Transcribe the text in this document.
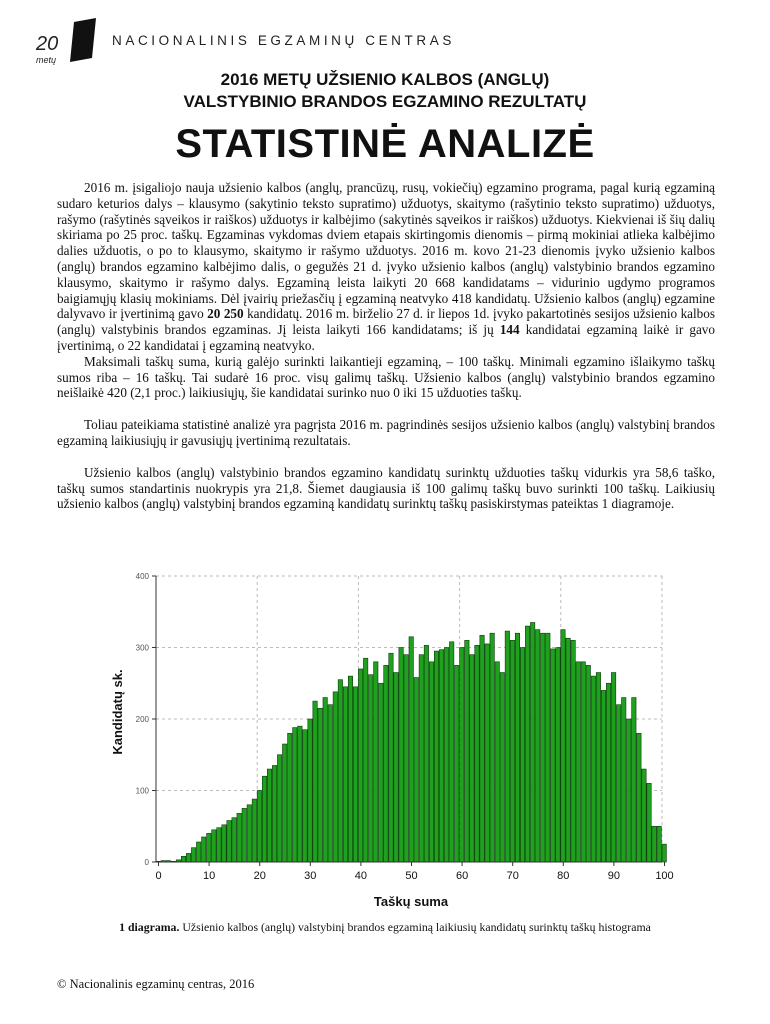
20
metų
NACIONALINIS EGZAMINŲ CENTRAS
2016 METŲ UŽSIENIO KALBOS (ANGLŲ)
VALSTYBINIO BRANDOS EGZAMINO REZULTATŲ
STATISTINĖ ANALIZĖ

2016 m. įsigaliojo nauja užsienio kalbos (anglų, prancūzų, rusų, vokiečių) egzamino programa, pagal kurią egzaminą sudaro keturios dalys – klausymo (sakytinio teksto supratimo) užduotys, skaitymo (rašytinio teksto supratimo) užduotys, rašymo (rašytinės sąveikos ir raiškos) užduotys ir kalbėjimo (sakytinės sąveikos ir raiškos) užduotys. Kiekvienai iš šių dalių skiriama po 25 proc. taškų. Egzaminas vykdomas dviem etapais skirtingomis dienomis – pirmą mokiniai atlieka kalbėjimo dalies užduotis, o po to klausymo, skaitymo ir rašymo užduotys. 2016 m. kovo 21-23 dienomis įvyko užsienio kalbos (anglų) brandos egzamino kalbėjimo dalis, o gegužės 21 d. įvyko užsienio kalbos (anglų) valstybinio brandos egzamino klausymo, skaitymo ir rašymo dalys. Egzaminą leista laikyti 20 668 kandidatams – vidurinio ugdymo programos baigiamųjų klasių mokiniams. Dėl įvairių priežasčių į egzaminą neatvyko 418 kandidatų. Užsienio kalbos (anglų) egzamine dalyvavo ir įvertinimą gavo 20 250 kandidatų. 2016 m. birželio 27 d. ir liepos 1d. įvyko pakartotinės sesijos užsienio kalbos (anglų) valstybinis brandos egzaminas. Jį leista laikyti 166 kandidatams; iš jų 144 kandidatai egzaminą laikė ir gavo įvertinimą, o 22 kandidatai į egzaminą neatvyko.

Maksimali taškų suma, kurią galėjo surinkti laikantieji egzaminą, – 100 taškų. Minimali egzamino išlaikymo taškų sumos riba – 16 taškų. Tai sudarė 16 proc. visų galimų taškų. Užsienio kalbos (anglų) valstybinio brandos egzamino neišlaikė 420 (2,1 proc.) laikiusiųjų, šie kandidatai surinko nuo 0 iki 15 užduoties taškų.

Toliau pateikiama statistinė analizė yra pagrįsta 2016 m. pagrindinės sesijos užsienio kalbos (anglų) valstybinį brandos egzaminą laikiusiųjų ir gavusiųjų įvertinimą rezultatais.

Užsienio kalbos (anglų) valstybinio brandos egzamino kandidatų surinktų užduoties taškų vidurkis yra 58,6 taško, taškų sumos standartinis nuokrypis yra 21,8. Šiemet daugiausia iš 100 galimų taškų buvo surinkti 100 taškų. Laikiusių užsienio kalbos (anglų) valstybinį brandos egzaminą kandidatų surinktų taškų pasiskirstymas pateiktas 1 diagramoje.

0	10	20	30	40	50	60	70	80	90	100
0
100
200
300
400
Kandidatų sk.
Taškų suma
1 diagrama. Užsienio kalbos (anglų) valstybinį brandos egzaminą laikiusių kandidatų surinktų taškų histograma
© Nacionalinis egzaminų centras, 2016
